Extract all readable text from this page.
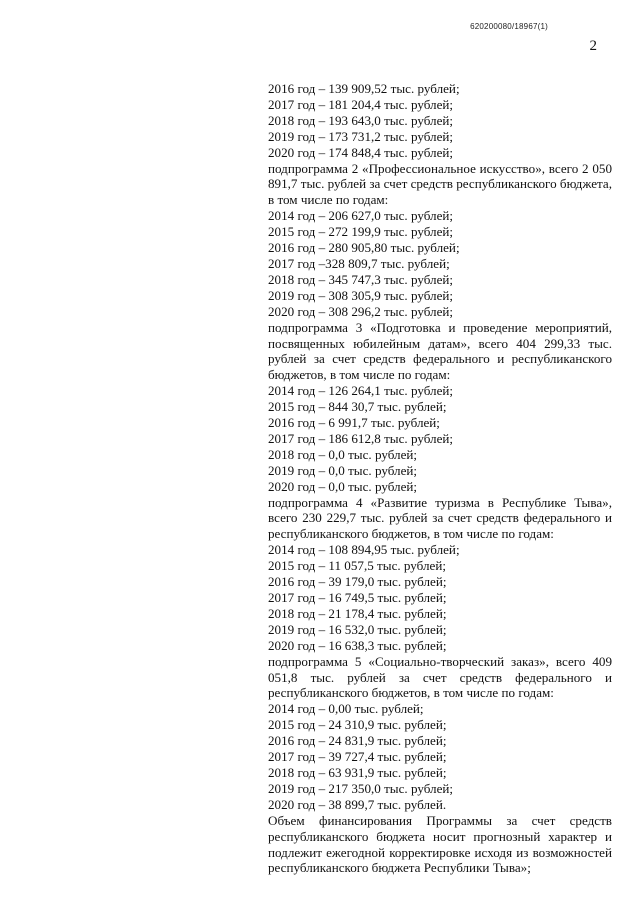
620200080/18967(1)
2

2016 год – 139 909,52 тыс. рублей;

2017 год – 181 204,4 тыс. рублей;

2018 год – 193 643,0 тыс. рублей;

2019 год – 173 731,2 тыс. рублей;

2020 год – 174 848,4 тыс. рублей;

подпрограмма 2 «Профессиональное искусство», всего 2 050 891,7 тыс. рублей за счет средств республиканского бюджета, в том числе по годам:

2014 год – 206 627,0 тыс. рублей;

2015 год – 272 199,9 тыс. рублей;

2016 год – 280 905,80 тыс. рублей;

2017 год –328 809,7 тыс. рублей;

2018 год – 345 747,3 тыс. рублей;

2019 год – 308 305,9 тыс. рублей;

2020 год – 308 296,2 тыс. рублей;

подпрограмма 3 «Подготовка и проведение мероприятий, посвященных юбилейным датам», всего 404 299,33 тыс. рублей за счет средств федерального и республиканского бюджетов, в том числе по годам:

2014 год – 126 264,1 тыс. рублей;

2015 год – 844 30,7 тыс. рублей;

2016 год – 6 991,7 тыс. рублей;

2017 год – 186 612,8 тыс. рублей;

2018 год – 0,0 тыс. рублей;

2019 год – 0,0 тыс. рублей;

2020 год – 0,0 тыс. рублей;

подпрограмма 4 «Развитие туризма в Республике Тыва», всего 230 229,7 тыс. рублей за счет средств федерального и республиканского бюджетов, в том числе по годам:

2014 год – 108 894,95 тыс. рублей;

2015 год – 11 057,5 тыс. рублей;

2016 год – 39 179,0 тыс. рублей;

2017 год – 16 749,5 тыс. рублей;

2018 год – 21 178,4 тыс. рублей;

2019 год – 16 532,0 тыс. рублей;

2020 год – 16 638,3 тыс. рублей;

подпрограмма 5 «Социально-творческий заказ», всего 409 051,8 тыс. рублей за счет средств федерального и республиканского бюджетов, в том числе по годам:

2014 год – 0,00 тыс. рублей;

2015 год – 24 310,9 тыс. рублей;

2016 год – 24 831,9 тыс. рублей;

2017 год – 39 727,4 тыс. рублей;

2018 год – 63 931,9 тыс. рублей;

2019 год – 217 350,0 тыс. рублей;

2020 год – 38 899,7 тыс. рублей.

Объем финансирования Программы за счет средств республиканского бюджета носит прогнозный характер и подлежит ежегодной корректировке исходя из возможностей республиканского бюджета Республики Тыва»;
